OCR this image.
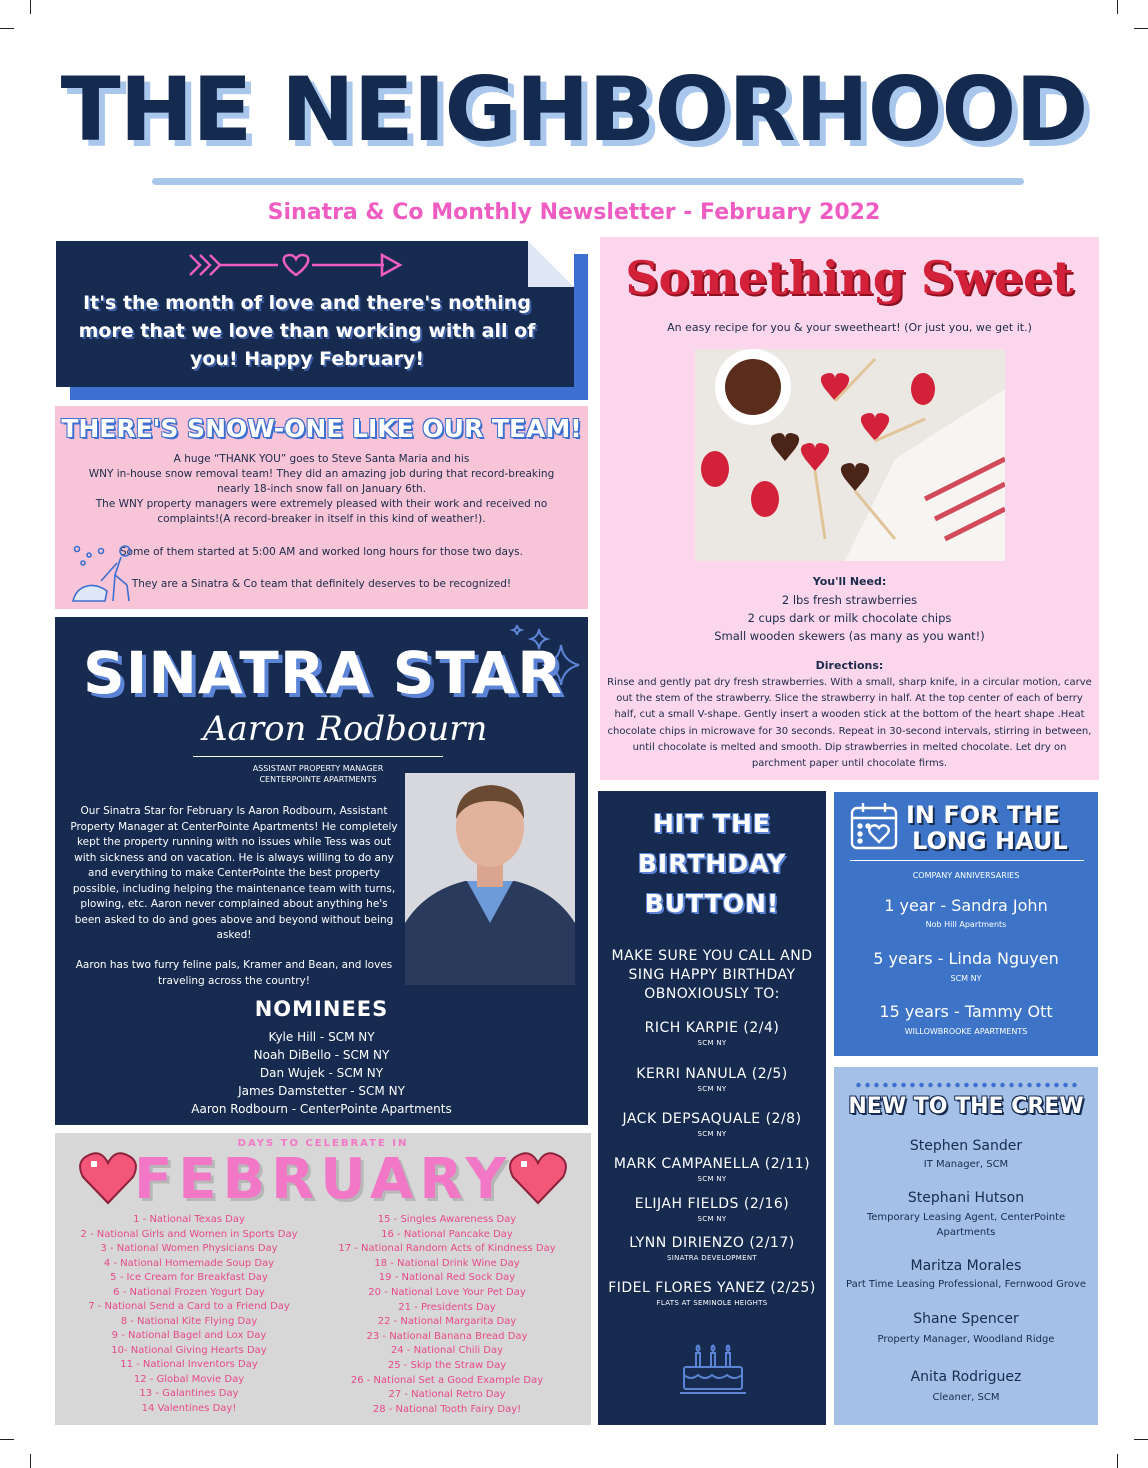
THE NEIGHBORHOOD
Sinatra & Co Monthly Newsletter - February 2022
It's the month of love and there's nothing more that we love than working with all of you! Happy February!
THERE'S SNOW-ONE LIKE OUR TEAM!
A huge “THANK YOU” goes to Steve Santa Maria and his
WNY in-house snow removal team! They did an amazing job during that record-breaking
nearly 18-inch snow fall on January 6th.
The WNY property managers were extremely pleased with their work and received no
complaints!(A record-breaker in itself in this kind of weather!).
Some of them started at 5:00 AM and worked long hours for those two days.
They are a Sinatra & Co team that definitely deserves to be recognized!
SINATRA STAR
Aaron Rodbourn
ASSISTANT PROPERTY MANAGER
CENTERPOINTE APARTMENTS
Our Sinatra Star for February Is Aaron Rodbourn, Assistant Property Manager at CenterPointe Apartments! He completely kept the property running with no issues while Tess was out with sickness and on vacation. He is always willing to do any and everything to make CenterPointe the best property possible, including helping the maintenance team with turns, plowing, etc. Aaron never complained about anything he's been asked to do and goes above and beyond without being asked!
Aaron has two furry feline pals, Kramer and Bean, and loves traveling across the country!
NOMINEES
Kyle Hill - SCM NY
Noah DiBello - SCM NY
Dan Wujek - SCM NY
James Damstetter - SCM NY
Aaron Rodbourn - CenterPointe Apartments
DAYS TO CELEBRATE IN
FEBRUARY
1 - National Texas Day
2 - National Girls and Women in Sports Day
3 - National Women Physicians Day
4 - National Homemade Soup Day
5 - Ice Cream for Breakfast Day
6 - National Frozen Yogurt Day
7 - National Send a Card to a Friend Day
8 - National Kite Flying Day
9 - National Bagel and Lox Day
10- National Giving Hearts Day
11 - National Inventors Day
12 - Global Movie Day
13 - Galantines Day
14 Valentines Day!
15 - Singles Awareness Day
16 - National Pancake Day
17 - National Random Acts of Kindness Day
18 - National Drink Wine Day
19 - National Red Sock Day
20 - National Love Your Pet Day
21 - Presidents Day
22 - National Margarita Day
23 - National Banana Bread Day
24 - National Chili Day
25 - Skip the Straw Day
26 - National Set a Good Example Day
27 - National Retro Day
28 - National Tooth Fairy Day!
Something Sweet
An easy recipe for you & your sweetheart! (Or just you, we get it.)
You'll Need:
2 lbs fresh strawberries
2 cups dark or milk chocolate chips
Small wooden skewers (as many as you want!)
Directions:
Rinse and gently pat dry fresh strawberries. With a small, sharp knife, in a circular motion, carve out the stem of the strawberry. Slice the strawberry in half. At the top center of each of berry half, cut a small V-shape. Gently insert a wooden stick at the bottom of the heart shape .Heat chocolate chips in microwave for 30 seconds. Repeat in 30-second intervals, stirring in between, until chocolate is melted and smooth. Dip strawberries in melted chocolate. Let dry on parchment paper until chocolate firms.
HIT THE
BIRTHDAY
BUTTON!
MAKE SURE YOU CALL AND SING HAPPY BIRTHDAY OBNOXIOUSLY TO:
RICH KARPIE (2/4)
SCM NY
KERRI NANULA (2/5)
SCM NY
JACK DEPSAQUALE (2/8)
SCM NY
MARK CAMPANELLA (2/11)
SCM NY
ELIJAH FIELDS (2/16)
SCM NY
LYNN DIRIENZO (2/17)
SINATRA DEVELOPMENT
FIDEL FLORES YANEZ (2/25)
FLATS AT SEMINOLE HEIGHTS
IN FOR THE
LONG HAUL
COMPANY ANNIVERSARIES
1 year - Sandra John
Nob Hill Apartments
5 years - Linda Nguyen
SCM NY
15 years - Tammy Ott
WILLOWBROOKE APARTMENTS
NEW TO THE CREW
Stephen Sander
IT Manager, SCM
Stephani Hutson
Temporary Leasing Agent, CenterPointe Apartments
Maritza Morales
Part Time Leasing Professional, Fernwood Grove
Shane Spencer
Property Manager, Woodland Ridge
Anita Rodriguez
Cleaner, SCM
